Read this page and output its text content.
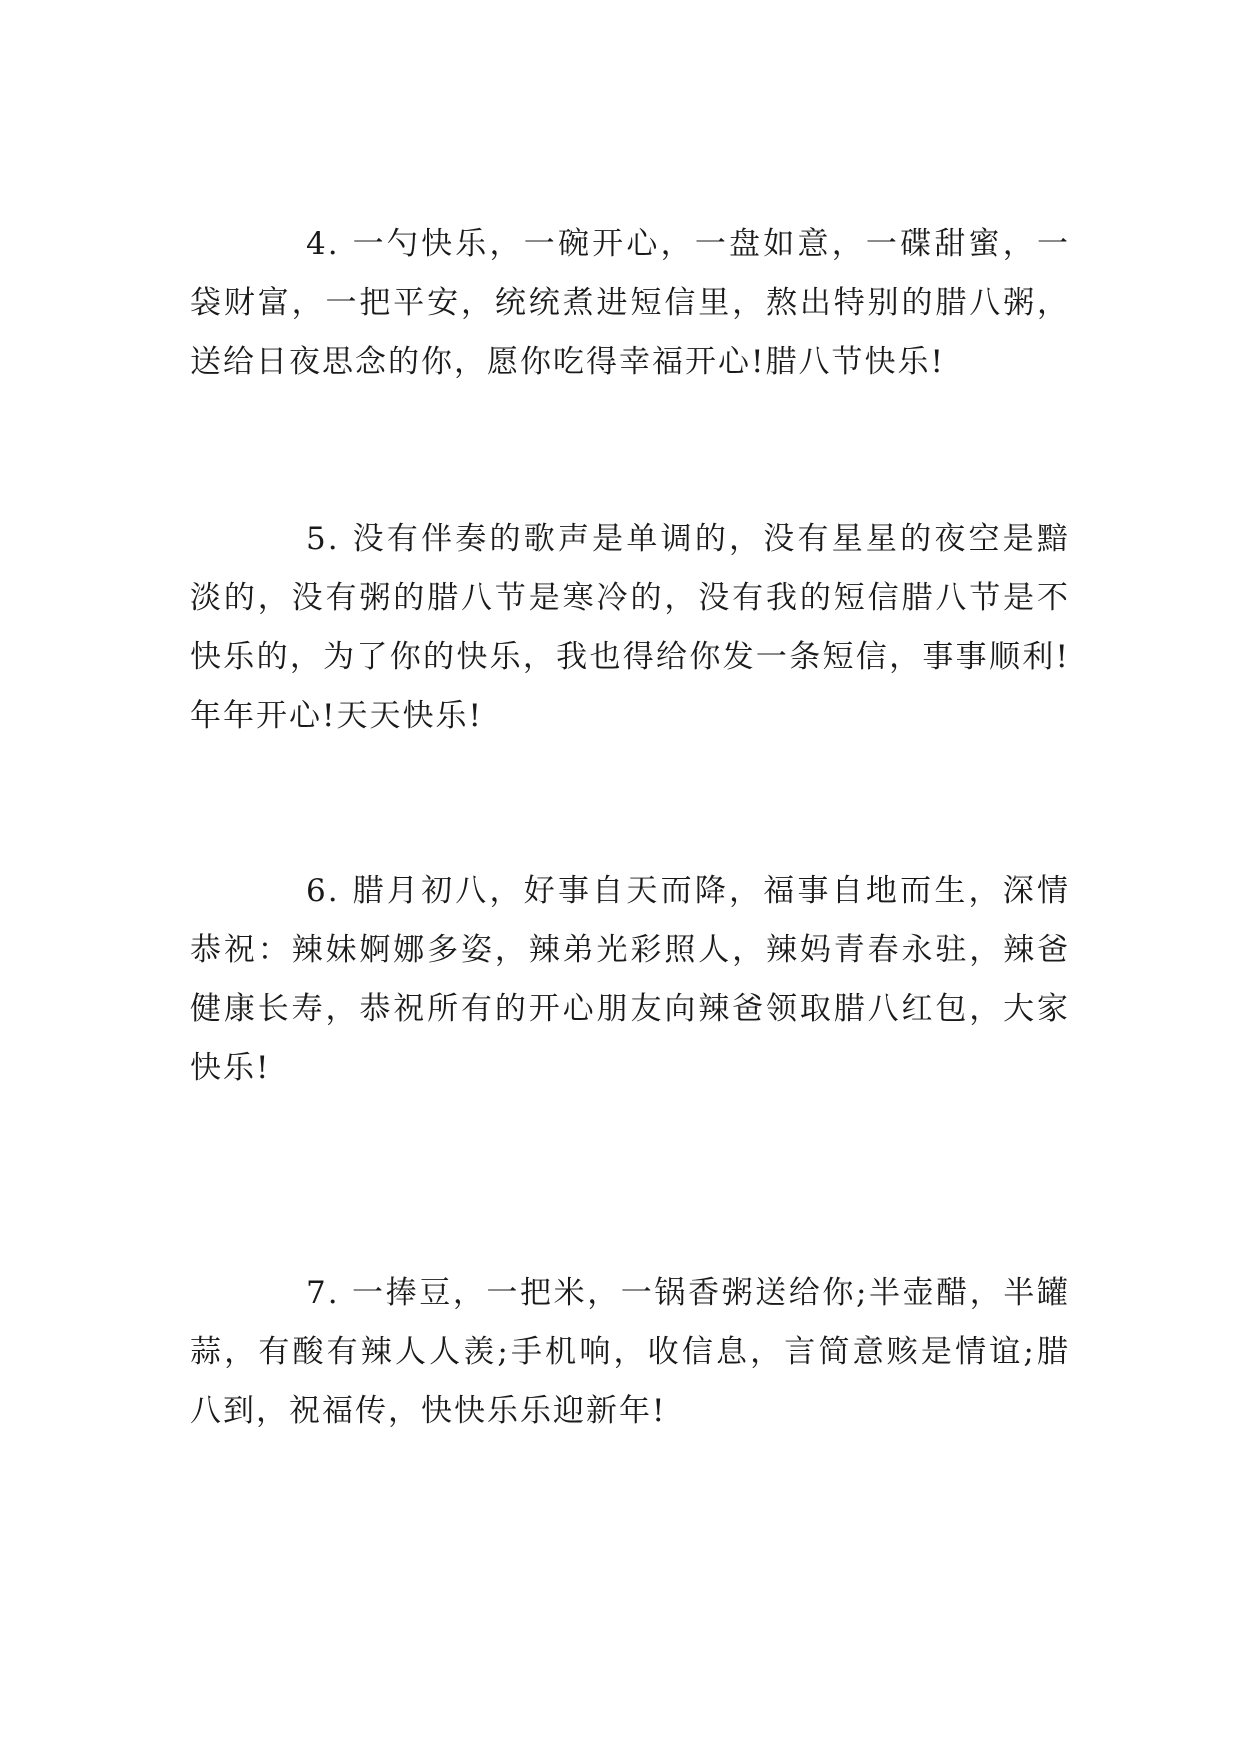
4. 一勺快乐，一碗开心，一盘如意，一碟甜蜜，一袋财富，一把平安，统统煮进短信里，熬出特别的腊八粥，送给日夜思念的你，愿你吃得幸福开心!腊八节快乐!

5. 没有伴奏的歌声是单调的，没有星星的夜空是黯淡的，没有粥的腊八节是寒冷的，没有我的短信腊八节是不快乐的，为了你的快乐，我也得给你发一条短信，事事顺利!年年开心!天天快乐!

6. 腊月初八，好事自天而降，福事自地而生，深情恭祝：辣妹婀娜多姿，辣弟光彩照人，辣妈青春永驻，辣爸健康长寿，恭祝所有的开心朋友向辣爸领取腊八红包，大家快乐!

7. 一捧豆，一把米，一锅香粥送给你;半壶醋，半罐蒜，有酸有辣人人羡;手机响，收信息，言简意赅是情谊;腊八到，祝福传，快快乐乐迎新年!
